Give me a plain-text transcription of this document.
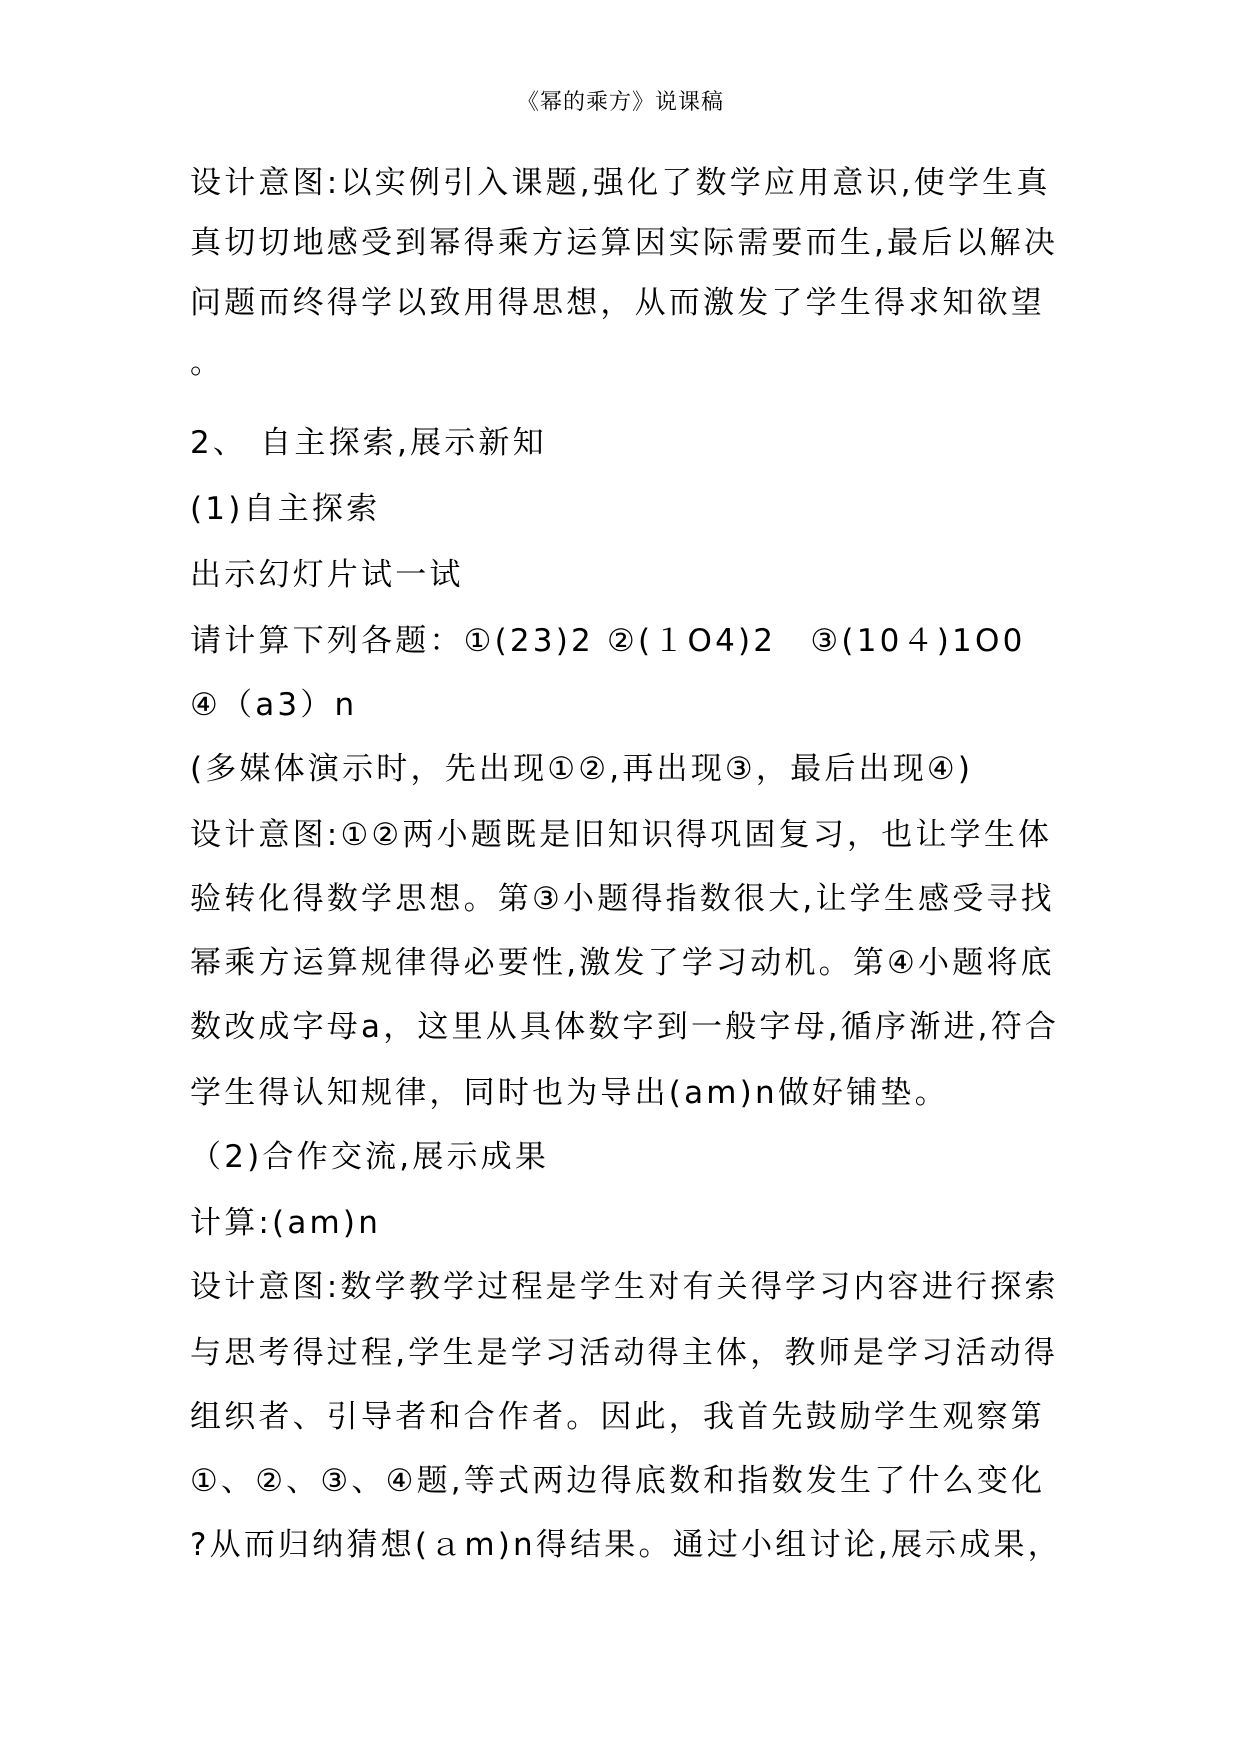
《幂的乘方》说课稿
设计意图:以实例引入课题,强化了数学应用意识,使学生真
真切切地感受到幂得乘方运算因实际需要而生,最后以解决
问题而终得学以致用得思想，从而激发了学生得求知欲望
。
2、 自主探索,展示新知
(1)自主探索
出示幻灯片试一试
请计算下列各题：①(23)2 ②(１О4)2　③(10４)1О0
④（a3）n
(多媒体演示时，先出现①②,再出现③，最后出现④)
设计意图:①②两小题既是旧知识得巩固复习，也让学生体
验转化得数学思想。第③小题得指数很大,让学生感受寻找
幂乘方运算规律得必要性,激发了学习动机。第④小题将底
数改成字母a，这里从具体数字到一般字母,循序渐进,符合
学生得认知规律，同时也为导出(am)n做好铺垫。
（2)合作交流,展示成果
计算:(am)n
设计意图:数学教学过程是学生对有关得学习内容进行探索
与思考得过程,学生是学习活动得主体，教师是学习活动得
组织者、引导者和合作者。因此，我首先鼓励学生观察第
①、②、③、④题,等式两边得底数和指数发生了什么变化
?从而归纳猜想(ａm)n得结果。通过小组讨论,展示成果，
